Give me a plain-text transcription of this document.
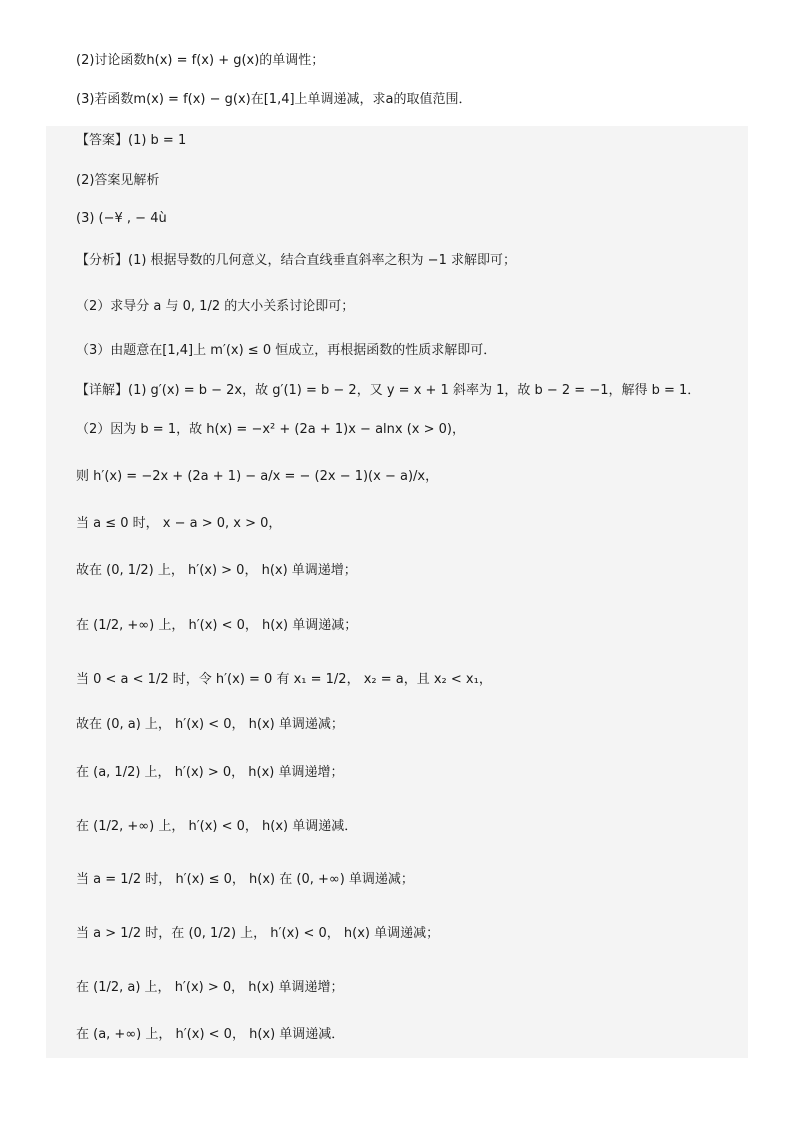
(2)讨论函数h(x) = f(x) + g(x)的单调性；
(3)若函数m(x) = f(x) − g(x)在[1,4]上单调递减，求a的取值范围．
【答案】(1) b = 1
(2)答案见解析
(3) (−¥ , − 4ù
【分析】(1) 根据导数的几何意义，结合直线垂直斜率之积为 −1 求解即可；
（2）求导分 a 与 0, 1/2 的大小关系讨论即可；
（3）由题意在[1,4]上 m′(x) ≤ 0 恒成立，再根据函数的性质求解即可．
【详解】(1) g′(x) = b − 2x，故 g′(1) = b − 2，又 y = x + 1 斜率为 1，故 b − 2 = −1，解得 b = 1．
（2）因为 b = 1，故 h(x) = −x² + (2a + 1)x − alnx (x > 0)，
则 h′(x) = −2x + (2a + 1) − a/x = − (2x − 1)(x − a)/x，
当 a ≤ 0 时， x − a > 0, x > 0，
故在 (0, 1/2) 上， h′(x) > 0， h(x) 单调递增；
在 (1/2, +∞) 上， h′(x) < 0， h(x) 单调递减；
当 0 < a < 1/2 时，令 h′(x) = 0 有 x₁ = 1/2， x₂ = a，且 x₂ < x₁，
故在 (0, a) 上， h′(x) < 0， h(x) 单调递减；
在 (a, 1/2) 上， h′(x) > 0， h(x) 单调递增；
在 (1/2, +∞) 上， h′(x) < 0， h(x) 单调递减．
当 a = 1/2 时， h′(x) ≤ 0， h(x) 在 (0, +∞) 单调递减；
当 a > 1/2 时，在 (0, 1/2) 上， h′(x) < 0， h(x) 单调递减；
在 (1/2, a) 上， h′(x) > 0， h(x) 单调递增；
在 (a, +∞) 上， h′(x) < 0， h(x) 单调递减．
